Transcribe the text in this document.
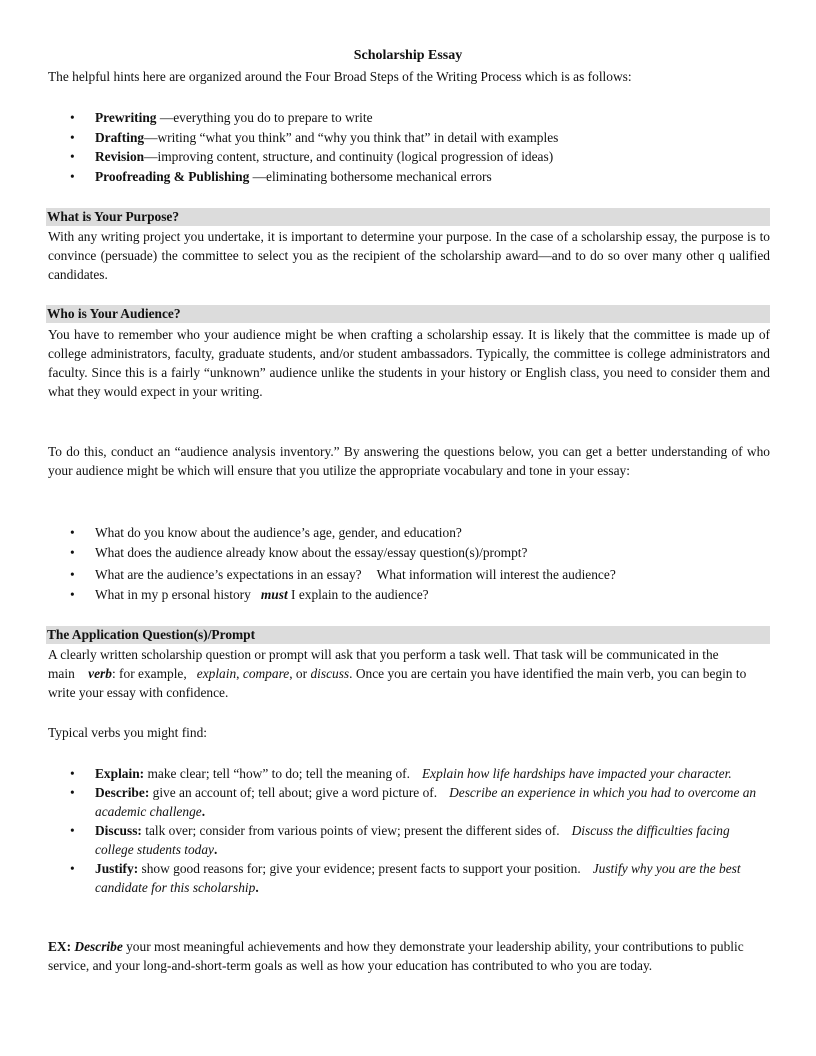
Scholarship Essay
The helpful hints here are organized around the Four Broad Steps of the Writing Process which is as follows:
• Prewriting —everything you do to prepare to write
• Drafting—writing “what you think” and “why you think that” in detail with examples
• Revision—improving content, structure, and continuity (logical progression of ideas)
• Proofreading & Publishing —eliminating bothersome mechanical errors
What is Your Purpose?
With any writing project you undertake, it is important to determine your purpose. In the case of a scholarship essay, the purpose is to convince (persuade) the committee to select you as the recipient of the scholarship award—and to do so over many other q ualified candidates.
Who is Your Audience?
You have to remember who your audience might be when crafting a scholarship essay. It is likely that the committee is made up of college administrators, faculty, graduate students, and/or student ambassadors. Typically, the committee is college administrators and faculty. Since this is a fairly “unknown” audience unlike the students in your history or English class, you need to consider them and what they would expect in your writing.
To do this, conduct an “audience analysis inventory.” By answering the questions below, you can get a better understanding of who your audience might be which will ensure that you utilize the appropriate vocabulary and tone in your essay:
• What do you know about the audience’s age, gender, and education?
• What does the audience already know about the essay/essay question(s)/prompt?
• What are the audience’s expectations in an essay? What information will interest the audience?
• What in my p ersonal history must I explain to the audience?
The Application Question(s)/Prompt
A clearly written scholarship question or prompt will ask that you perform a task well. That task will be communicated in the main verb: for example, explain, compare, or discuss. Once you are certain you have identified the main verb, you can begin to write your essay with confidence.
Typical verbs you might find:
• Explain: make clear; tell “how” to do; tell the meaning of. Explain how life hardships have impacted your character.
• Describe: give an account of; tell about; give a word picture of. Describe an experience in which you had to overcome an academic challenge.
• Discuss: talk over; consider from various points of view; present the different sides of. Discuss the difficulties facing college students today.
• Justify: show good reasons for; give your evidence; present facts to support your position. Justify why you are the best candidate for this scholarship.
EX: Describe your most meaningful achievements and how they demonstrate your leadership ability, your contributions to public service, and your long-and-short-term goals as well as how your education has contributed to who you are today.
